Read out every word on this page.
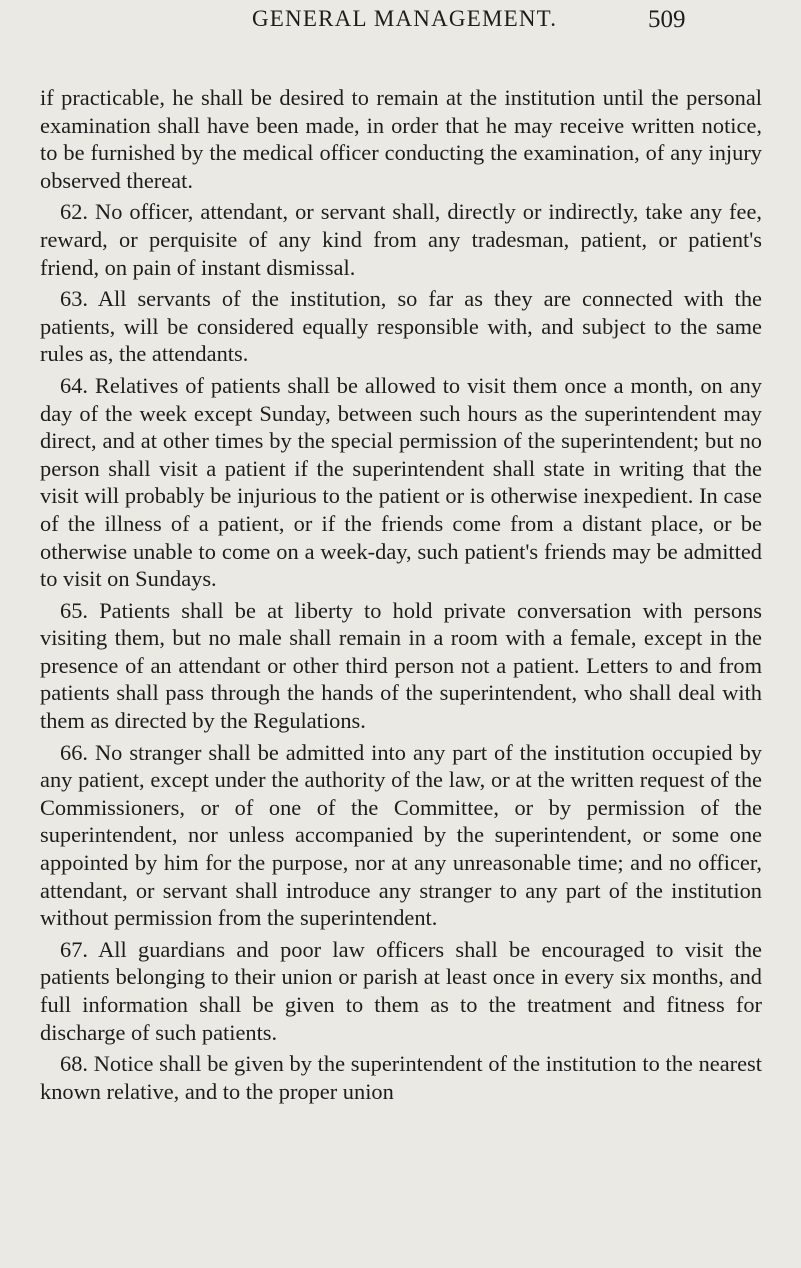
GENERAL MANAGEMENT.	509

if practicable, he shall be desired to remain at the institution until the personal examination shall have been made, in order that he may receive written notice, to be furnished by the medical officer conducting the examination, of any injury observed thereat.

62. No officer, attendant, or servant shall, directly or indirectly, take any fee, reward, or perquisite of any kind from any tradesman, patient, or patient's friend, on pain of instant dismissal.

63. All servants of the institution, so far as they are connected with the patients, will be considered equally responsible with, and subject to the same rules as, the attendants.

64. Relatives of patients shall be allowed to visit them once a month, on any day of the week except Sunday, between such hours as the superintendent may direct, and at other times by the special permission of the superintendent; but no person shall visit a patient if the superintendent shall state in writing that the visit will probably be injurious to the patient or is otherwise inexpedient. In case of the illness of a patient, or if the friends come from a distant place, or be otherwise unable to come on a week-day, such patient's friends may be admitted to visit on Sundays.

65. Patients shall be at liberty to hold private conversation with persons visiting them, but no male shall remain in a room with a female, except in the presence of an attendant or other third person not a patient. Letters to and from patients shall pass through the hands of the superintendent, who shall deal with them as directed by the Regulations.

66. No stranger shall be admitted into any part of the institution occupied by any patient, except under the authority of the law, or at the written request of the Commissioners, or of one of the Committee, or by permission of the superintendent, nor unless accompanied by the superintendent, or some one appointed by him for the purpose, nor at any unreasonable time; and no officer, attendant, or servant shall introduce any stranger to any part of the institution without permission from the superintendent.

67. All guardians and poor law officers shall be encouraged to visit the patients belonging to their union or parish at least once in every six months, and full information shall be given to them as to the treatment and fitness for discharge of such patients.

68. Notice shall be given by the superintendent of the institution to the nearest known relative, and to the proper union
